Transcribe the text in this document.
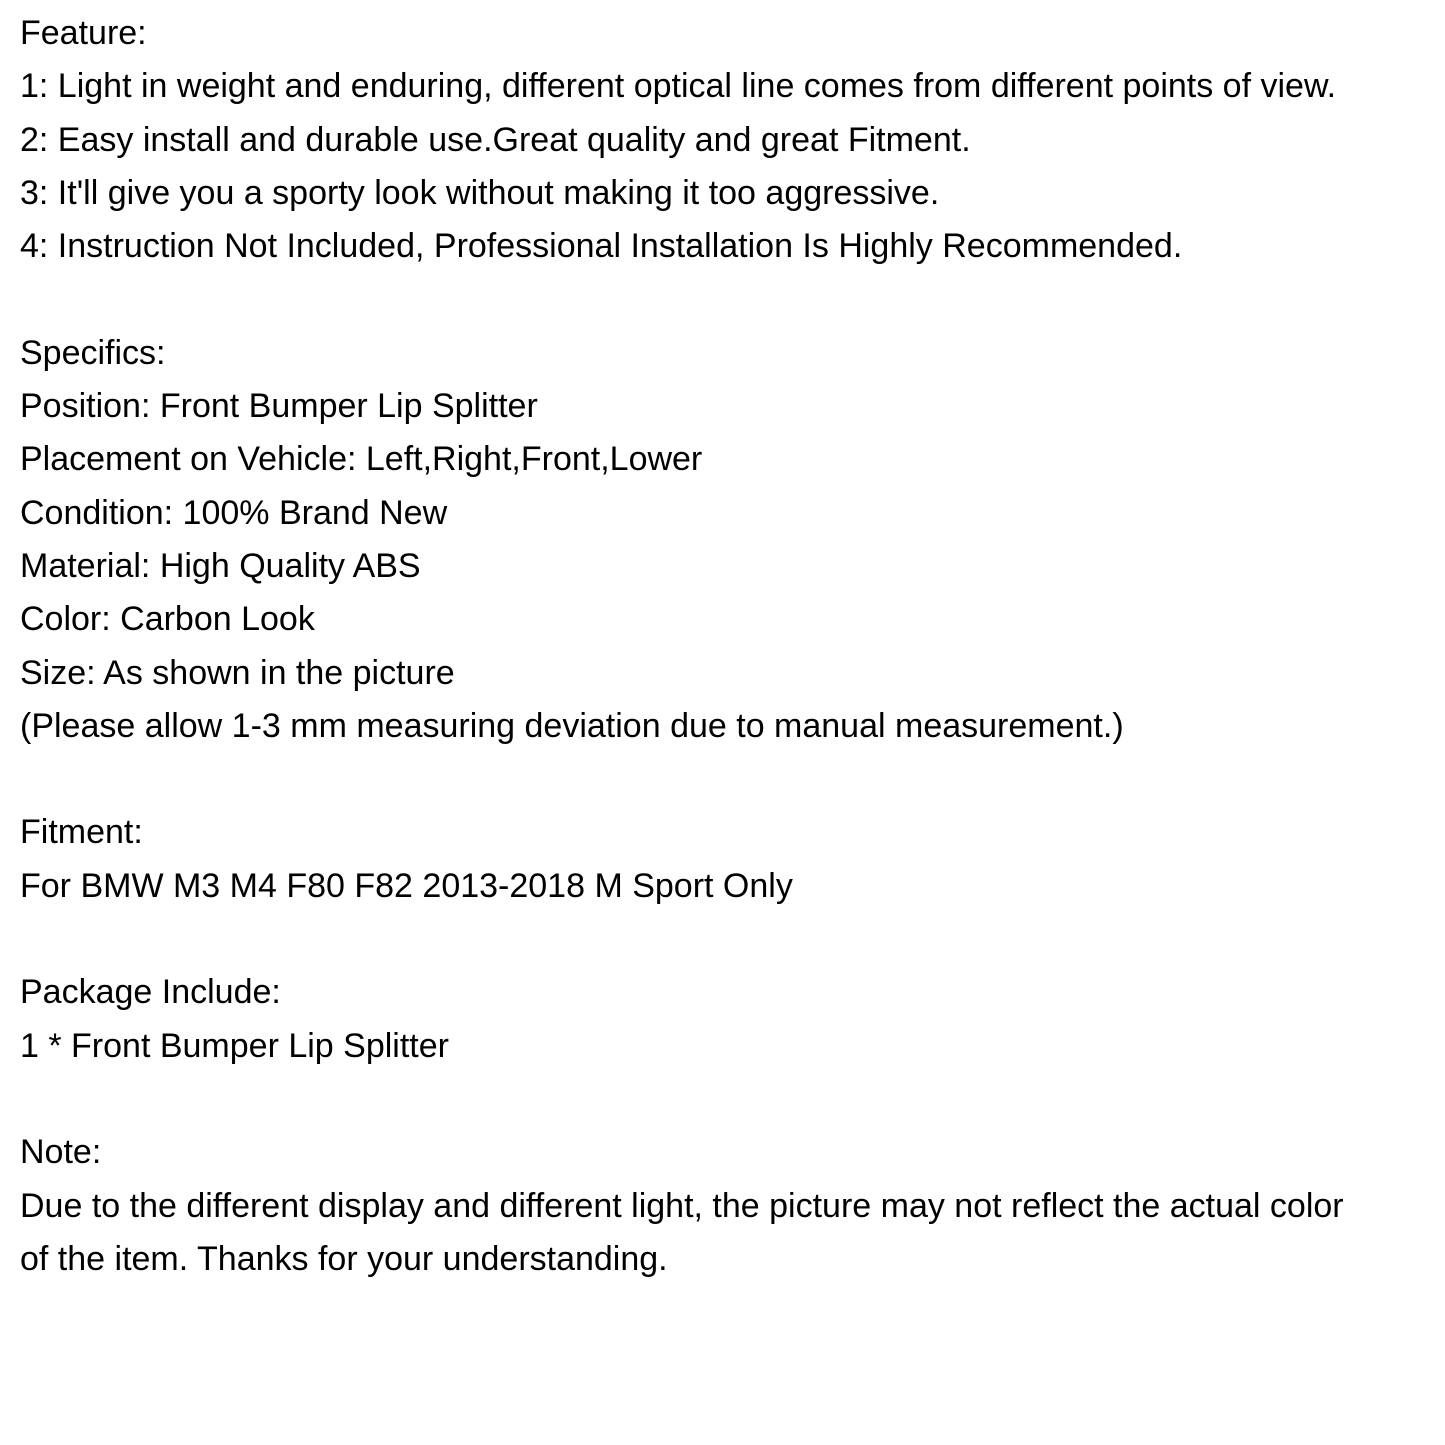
Feature:
1: Light in weight and enduring, different optical line comes from different points of view.
2: Easy install and durable use.Great quality and great Fitment.
3: It'll give you a sporty look without making it too aggressive.
4: Instruction Not Included, Professional Installation Is Highly Recommended.
Specifics:
Position: Front Bumper Lip Splitter
Placement on Vehicle: Left,Right,Front,Lower
Condition: 100% Brand New
Material: High Quality ABS
Color: Carbon Look
Size: As shown in the picture
(Please allow 1-3 mm measuring deviation due to manual measurement.)
Fitment:
For BMW M3 M4 F80 F82 2013-2018 M Sport Only
Package Include:
1 * Front Bumper Lip Splitter
Note:
Due to the different display and different light, the picture may not reflect the actual color of the item. Thanks for your understanding.
